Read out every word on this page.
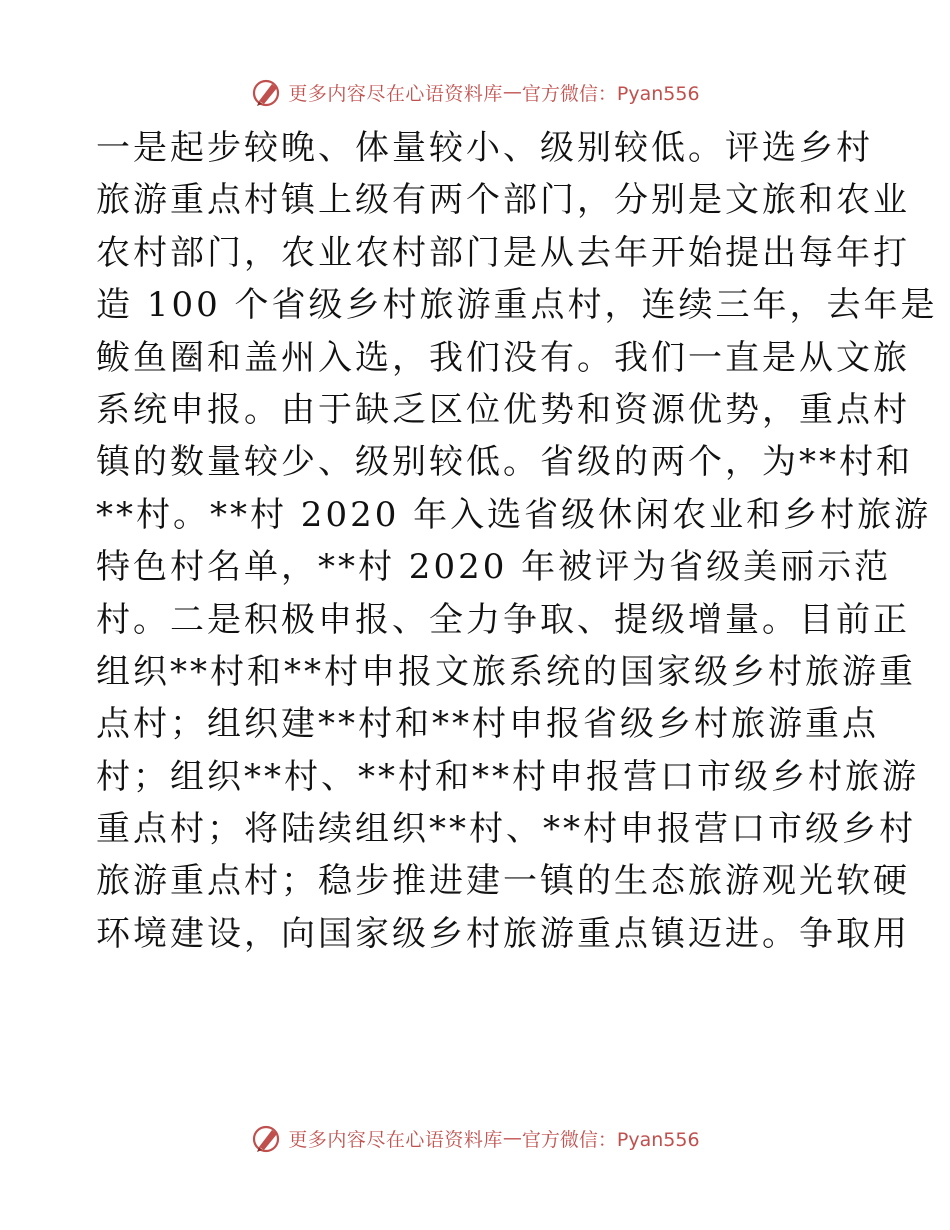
更多内容尽在心语资料库 — 官方微信：Pyan556
一是起步较晚、体量较小、级别较低。评选乡村
旅游重点村镇上级有两个部门，分别是文旅和农业
农村部门，农业农村部门是从去年开始提出每年打
造 100 个省级乡村旅游重点村，连续三年，去年是
鲅鱼圈和盖州入选，我们没有。我们一直是从文旅
系统申报。由于缺乏区位优势和资源优势，重点村
镇的数量较少、级别较低。省级的两个，为**村和
**村。**村 2020 年入选省级休闲农业和乡村旅游
特色村名单，**村 2020 年被评为省级美丽示范
村。二是积极申报、全力争取、提级增量。目前正
组织**村和**村申报文旅系统的国家级乡村旅游重
点村；组织建**村和**村申报省级乡村旅游重点
村；组织**村、**村和**村申报营口市级乡村旅游
重点村；将陆续组织**村、**村申报营口市级乡村
旅游重点村；稳步推进建一镇的生态旅游观光软硬
环境建设，向国家级乡村旅游重点镇迈进。争取用
更多内容尽在心语资料库 — 官方微信：Pyan556
